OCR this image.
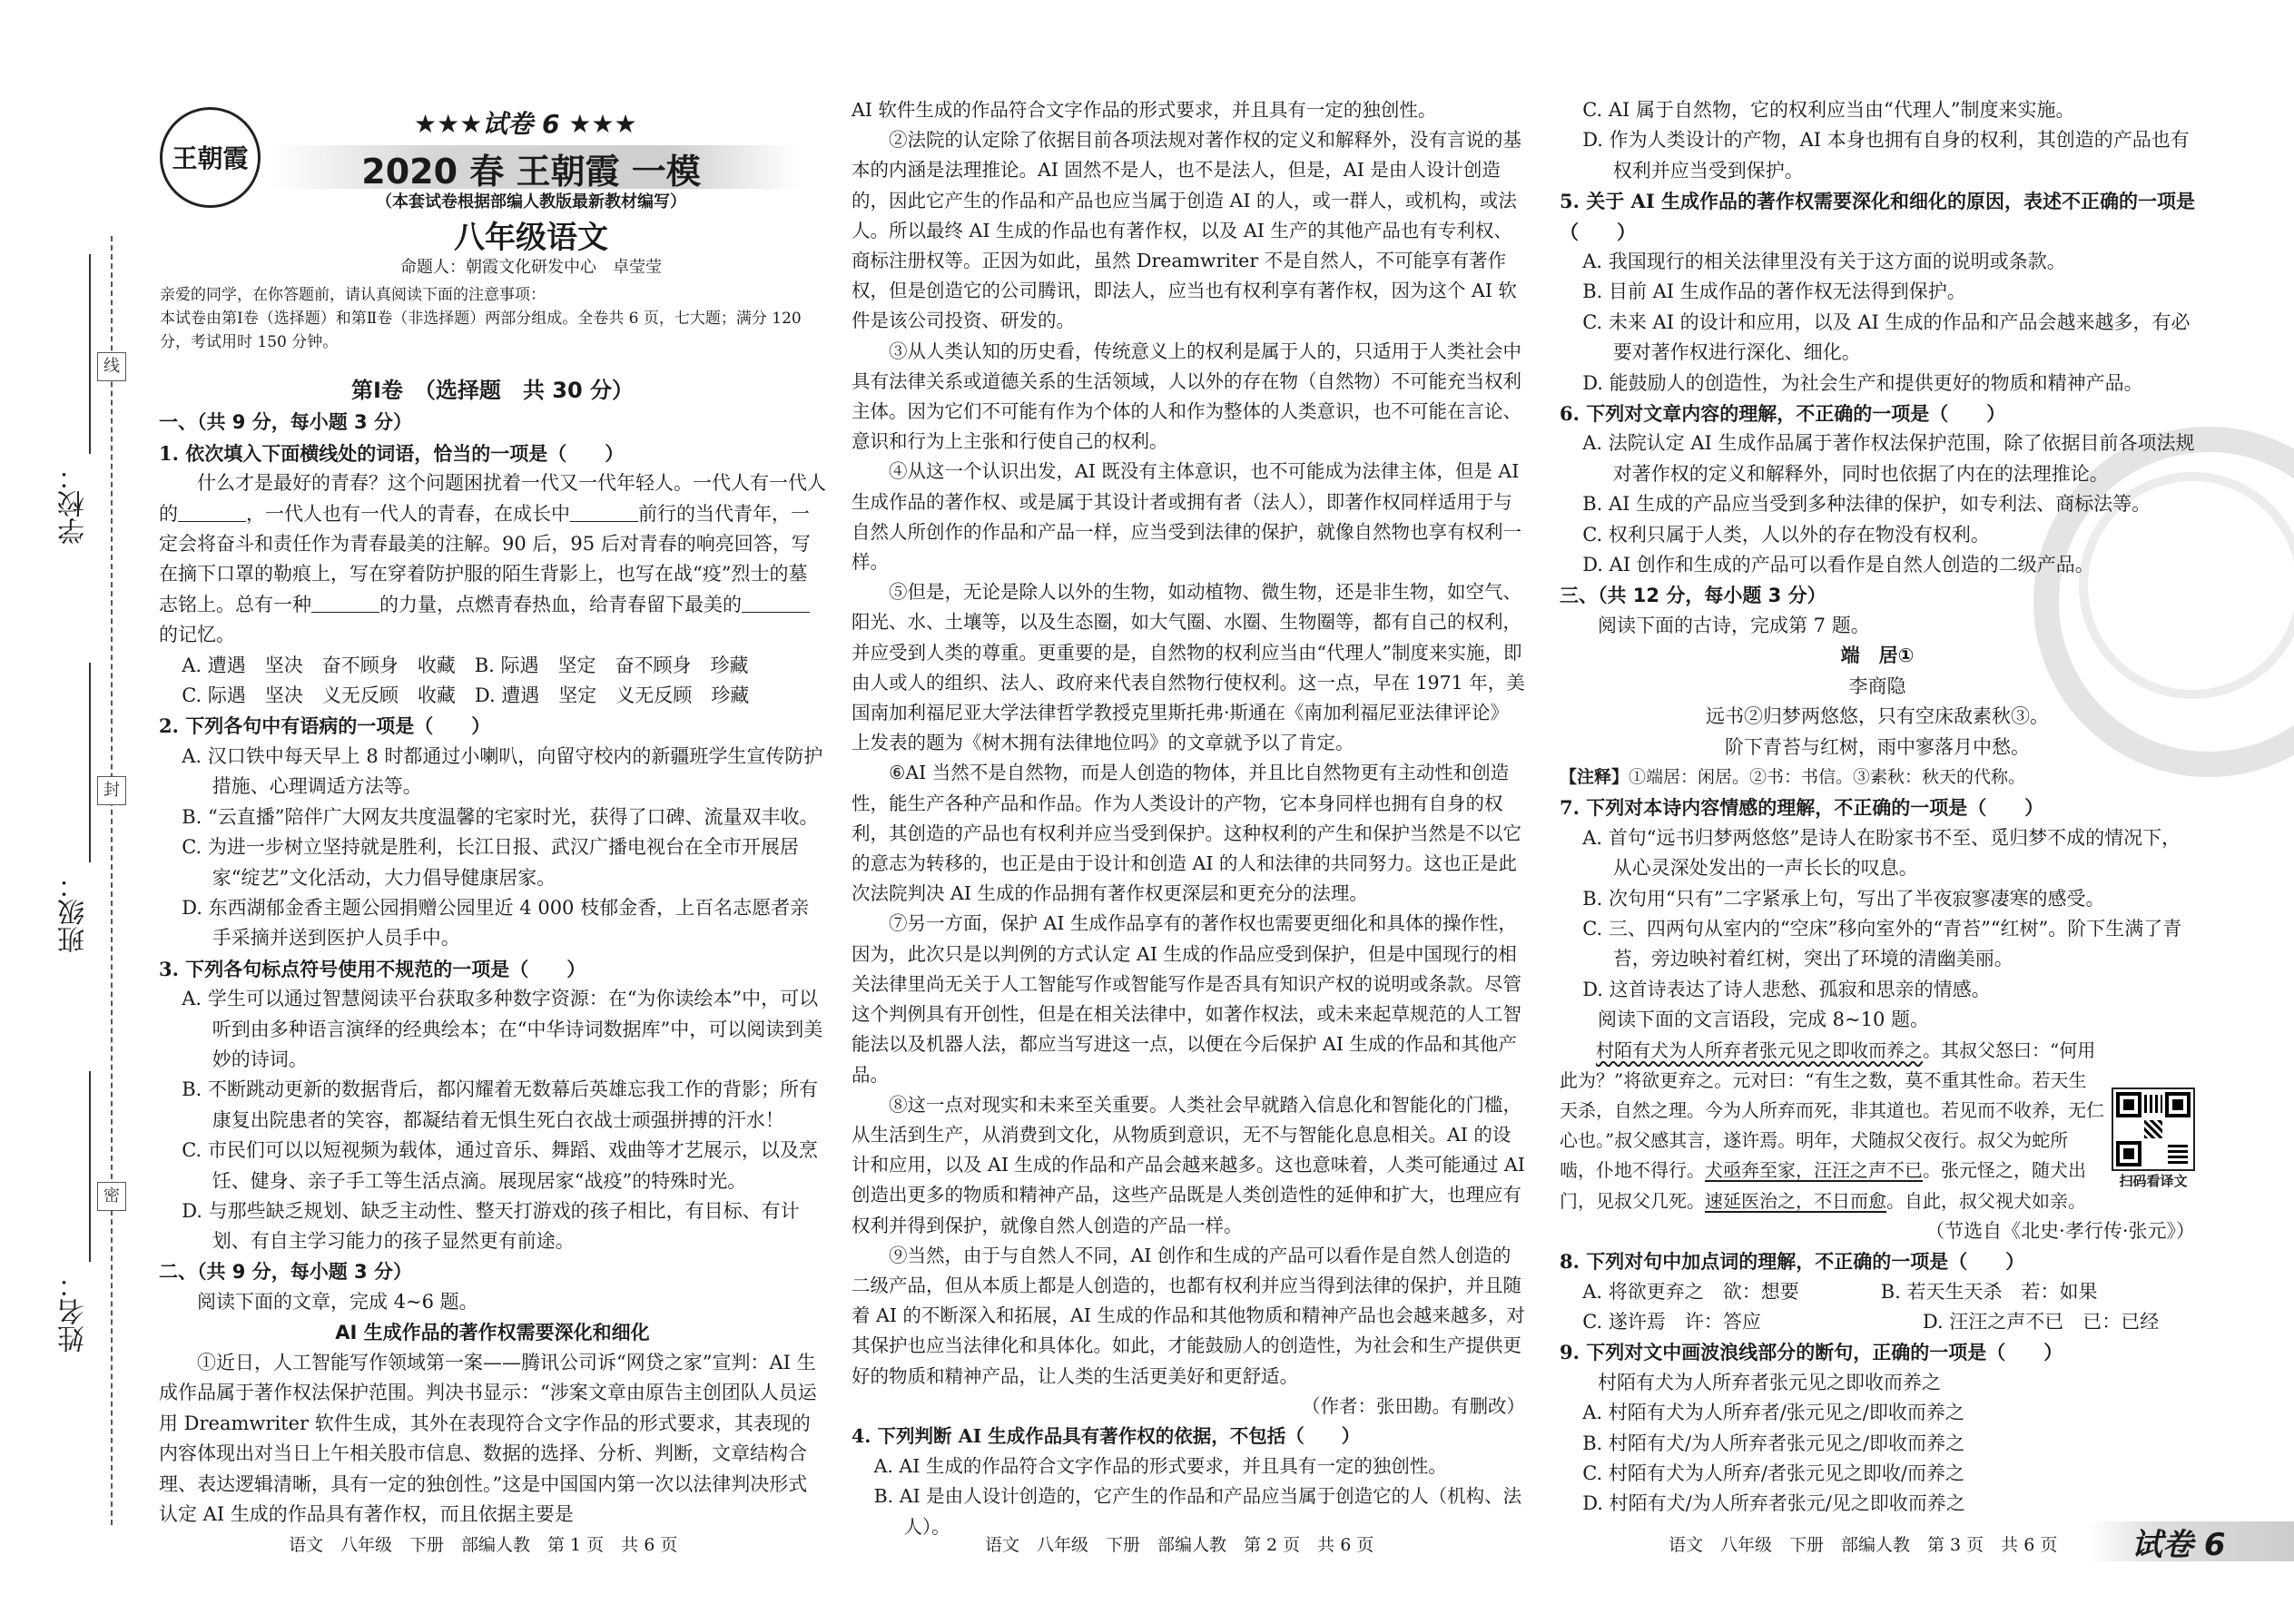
线
封
密
学校：
班级：
姓名：
王朝霞
★★★试卷 6 ★★★
2020 春 王朝霞 一模
（本套试卷根据部编人教版最新教材编写）
八年级语文
命题人：朝霞文化研发中心　卓莹莹
亲爱的同学，在你答题前，请认真阅读下面的注意事项：
本试卷由第Ⅰ卷（选择题）和第Ⅱ卷（非选择题）两部分组成。全卷共 6 页，七大题；满分 120 分，考试用时 150 分钟。

第Ⅰ卷　（选择题　共 30 分）

一、（共 9 分，每小题 3 分）

1. 依次填入下面横线处的词语，恰当的一项是（　　）

什么才是最好的青春？这个问题困扰着一代又一代年轻人。一代人有一代人的	，一代人也有一代人的青春，在成长中	前行的当代青年，一定会将奋斗和责任作为青春最美的注解。90 后，95 后对青春的响亮回答，写在摘下口罩的勒痕上，写在穿着防护服的陌生背影上，也写在战“疫”烈士的墓志铭上。总有一种	的力量，点燃青春热血，给青春留下最美的的记忆。

A. 遭遇　坚决　奋不顾身　收藏　B. 际遇　坚定　奋不顾身　珍藏

C. 际遇　坚决　义无反顾　收藏　D. 遭遇　坚定　义无反顾　珍藏

2. 下列各句中有语病的一项是（　　）

A. 汉口铁中每天早上 8 时都通过小喇叭，向留守校内的新疆班学生宣传防护措施、心理调适方法等。

B. “云直播”陪伴广大网友共度温馨的宅家时光，获得了口碑、流量双丰收。

C. 为进一步树立坚持就是胜利，长江日报、武汉广播电视台在全市开展居家“绽艺”文化活动，大力倡导健康居家。

D. 东西湖郁金香主题公园捐赠公园里近 4 000 枝郁金香，上百名志愿者亲手采摘并送到医护人员手中。

3. 下列各句标点符号使用不规范的一项是（　　）

A. 学生可以通过智慧阅读平台获取多种数字资源：在“为你读绘本”中，可以听到由多种语言演绎的经典绘本；在“中华诗词数据库”中，可以阅读到美妙的诗词。

B. 不断跳动更新的数据背后，都闪耀着无数幕后英雄忘我工作的背影；所有康复出院患者的笑容，都凝结着无惧生死白衣战士顽强拼搏的汗水！

C. 市民们可以以短视频为载体，通过音乐、舞蹈、戏曲等才艺展示，以及烹饪、健身、亲子手工等生活点滴。展现居家“战疫”的特殊时光。

D. 与那些缺乏规划、缺乏主动性、整天打游戏的孩子相比，有目标、有计划、有自主学习能力的孩子显然更有前途。

二、（共 9 分，每小题 3 分）

阅读下面的文章，完成 4~6 题。

AI 生成作品的著作权需要深化和细化

①近日，人工智能写作领域第一案——腾讯公司诉“网贷之家”宣判：AI 生成作品属于著作权法保护范围。判决书显示：“涉案文章由原告主创团队人员运用 Dreamwriter 软件生成，其外在表现符合文字作品的形式要求，其表现的内容体现出对当日上午相关股市信息、数据的选择、分析、判断，文章结构合理、表达逻辑清晰，具有一定的独创性。”这是中国国内第一次以法律判决形式认定 AI 生成的作品具有著作权，而且依据主要是

AI 软件生成的作品符合文字作品的形式要求，并且具有一定的独创性。

②法院的认定除了依据目前各项法规对著作权的定义和解释外，没有言说的基本的内涵是法理推论。AI 固然不是人，也不是法人，但是，AI 是由人设计创造的，因此它产生的作品和产品也应当属于创造 AI 的人，或一群人，或机构，或法人。所以最终 AI 生成的作品也有著作权，以及 AI 生产的其他产品也有专利权、商标注册权等。正因为如此，虽然 Dreamwriter 不是自然人，不可能享有著作权，但是创造它的公司腾讯，即法人，应当也有权利享有著作权，因为这个 AI 软件是该公司投资、研发的。

③从人类认知的历史看，传统意义上的权利是属于人的，只适用于人类社会中具有法律关系或道德关系的生活领域，人以外的存在物（自然物）不可能充当权利主体。因为它们不可能有作为个体的人和作为整体的人类意识，也不可能在言论、意识和行为上主张和行使自己的权利。

④从这一个认识出发，AI 既没有主体意识，也不可能成为法律主体，但是 AI 生成作品的著作权、或是属于其设计者或拥有者（法人），即著作权同样适用于与自然人所创作的作品和产品一样，应当受到法律的保护，就像自然物也享有权利一样。

⑤但是，无论是除人以外的生物，如动植物、微生物，还是非生物，如空气、阳光、水、土壤等，以及生态圈，如大气圈、水圈、生物圈等，都有自己的权利，并应受到人类的尊重。更重要的是，自然物的权利应当由“代理人”制度来实施，即由人或人的组织、法人、政府来代表自然物行使权利。这一点，早在 1971 年，美国南加利福尼亚大学法律哲学教授克里斯托弗·斯通在《南加利福尼亚法律评论》上发表的题为《树木拥有法律地位吗》的文章就予以了肯定。

⑥AI 当然不是自然物，而是人创造的物体，并且比自然物更有主动性和创造性，能生产各种产品和作品。作为人类设计的产物，它本身同样也拥有自身的权利，其创造的产品也有权利并应当受到保护。这种权利的产生和保护当然是不以它的意志为转移的，也正是由于设计和创造 AI 的人和法律的共同努力。这也正是此次法院判决 AI 生成的作品拥有著作权更深层和更充分的法理。

⑦另一方面，保护 AI 生成作品享有的著作权也需要更细化和具体的操作性，因为，此次只是以判例的方式认定 AI 生成的作品应受到保护，但是中国现行的相关法律里尚无关于人工智能写作或智能写作是否具有知识产权的说明或条款。尽管这个判例具有开创性，但是在相关法律中，如著作权法，或未来起草规范的人工智能法以及机器人法，都应当写进这一点，以便在今后保护 AI 生成的作品和其他产品。

⑧这一点对现实和未来至关重要。人类社会早就踏入信息化和智能化的门槛，从生活到生产，从消费到文化，从物质到意识，无不与智能化息息相关。AI 的设计和应用，以及 AI 生成的作品和产品会越来越多。这也意味着，人类可能通过 AI 创造出更多的物质和精神产品，这些产品既是人类创造性的延伸和扩大，也理应有权利并得到保护，就像自然人创造的产品一样。

⑨当然，由于与自然人不同，AI 创作和生成的产品可以看作是自然人创造的二级产品，但从本质上都是人创造的，也都有权利并应当得到法律的保护，并且随着 AI 的不断深入和拓展，AI 生成的作品和其他物质和精神产品也会越来越多，对其保护也应当法律化和具体化。如此，才能鼓励人的创造性，为社会和生产提供更好的物质和精神产品，让人类的生活更美好和更舒适。

（作者：张田勘。有删改）

4. 下列判断 AI 生成作品具有著作权的依据，不包括（　　）

A. AI 生成的作品符合文字作品的形式要求，并且具有一定的独创性。

B. AI 是由人设计创造的，它产生的作品和产品应当属于创造它的人（机构、法人）。

C. AI 属于自然物，它的权利应当由“代理人”制度来实施。

D. 作为人类设计的产物，AI 本身也拥有自身的权利，其创造的产品也有权利并应当受到保护。

5. 关于 AI 生成作品的著作权需要深化和细化的原因，表述不正确的一项是（　　）

A. 我国现行的相关法律里没有关于这方面的说明或条款。

B. 目前 AI 生成作品的著作权无法得到保护。

C. 未来 AI 的设计和应用，以及 AI 生成的作品和产品会越来越多，有必要对著作权进行深化、细化。

D. 能鼓励人的创造性，为社会生产和提供更好的物质和精神产品。

6. 下列对文章内容的理解，不正确的一项是（　　）

A. 法院认定 AI 生成作品属于著作权法保护范围，除了依据目前各项法规对著作权的定义和解释外，同时也依据了内在的法理推论。

B. AI 生成的产品应当受到多种法律的保护，如专利法、商标法等。

C. 权利只属于人类，人以外的存在物没有权利。

D. AI 创作和生成的产品可以看作是自然人创造的二级产品。

三、（共 12 分，每小题 3 分）

阅读下面的古诗，完成第 7 题。

端　居①

李商隐

远书②归梦两悠悠，只有空床敌素秋③。

阶下青苔与红树，雨中寥落月中愁。

【注释】①端居：闲居。②书：书信。③素秋：秋天的代称。

7. 下列对本诗内容情感的理解，不正确的一项是（　　）

A. 首句“远书归梦两悠悠”是诗人在盼家书不至、觅归梦不成的情况下，从心灵深处发出的一声长长的叹息。

B. 次句用“只有”二字紧承上句，写出了半夜寂寥凄寒的感受。

C. 三、四两句从室内的“空床”移向室外的“青苔”“红树”。阶下生满了青苔，旁边映衬着红树，突出了环境的清幽美丽。

D. 这首诗表达了诗人悲愁、孤寂和思亲的情感。

阅读下面的文言语段，完成 8~10 题。

村陌有犬为人所弃者张元见之即收而养之。其叔父怒曰：“何用此为？”将欲更弃之。元对曰：“有生之数，莫不重其性命。若天生天杀，自然之理。今为人所弃而死，非其道也。若见而不收养，无仁心也。”叔父感其言，遂许焉。明年，犬随叔父夜行。叔父为蛇所啮，仆地不得行。犬亟奔至家，汪汪之声不已。张元怪之，随犬出门，见叔父几死。速延医治之，不日而愈。自此，叔父视犬如亲。

（节选自《北史·孝行传·张元》）

8. 下列对句中加点词的理解，不正确的一项是（　　）

A. 将欲更弃之　欲：想要	B. 若天生天杀　若：如果

C. 遂许焉　许：答应	D. 汪汪之声不已　已：已经

9. 下列对文中画波浪线部分的断句，正确的一项是（　　）

村陌有犬为人所弃者张元见之即收而养之

A. 村陌有犬为人所弃者/张元见之/即收而养之

B. 村陌有犬/为人所弃者张元见之/即收而养之

C. 村陌有犬为人所弃/者张元见之即收/而养之

D. 村陌有犬/为人所弃者张元/见之即收而养之

扫码看译文
语文　八年级　下册　部编人教　第 1 页　共 6 页	语文　八年级　下册　部编人教　第 2 页　共 6 页	语文　八年级　下册　部编人教　第 3 页　共 6 页 试卷 6
